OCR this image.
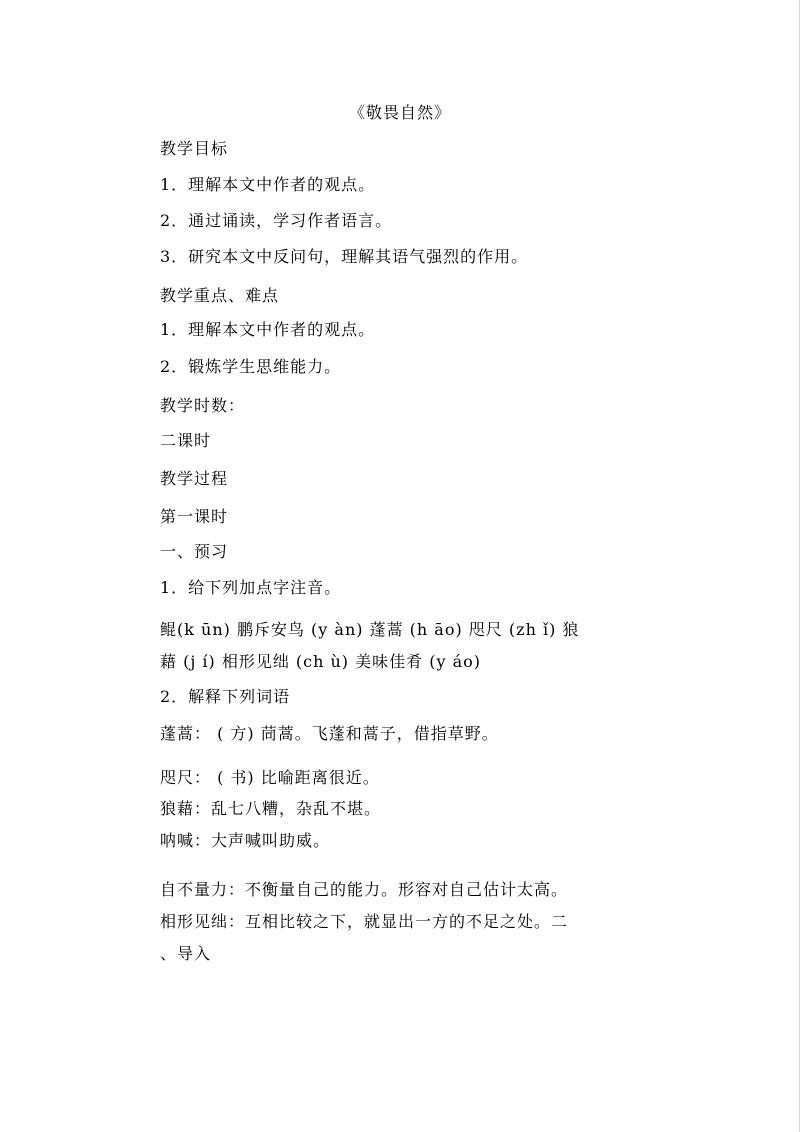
《敬畏自然》
教学目标
1．理解本文中作者的观点。
2．通过诵读，学习作者语言。
3．研究本文中反问句，理解其语气强烈的作用。
教学重点、难点
1．理解本文中作者的观点。
2．锻炼学生思维能力。
教学时数：
二课时
教学过程
第一课时
一、预习
1．给下列加点字注音。
鲲(k ūn) 鹏斥安鸟 (y àn) 蓬蒿 (h āo) 咫尺 (zh ǐ) 狼
藉 (j í) 相形见绌 (ch ù) 美味佳肴 (y áo)
2．解释下列词语
蓬蒿： ( 方) 茼蒿。飞蓬和蒿子，借指草野。
咫尺： ( 书) 比喻距离很近。
狼藉：乱七八糟，杂乱不堪。
呐喊：大声喊叫助威。
自不量力：不衡量自己的能力。形容对自己估计太高。
相形见绌：互相比较之下，就显出一方的不足之处。二
、导入
